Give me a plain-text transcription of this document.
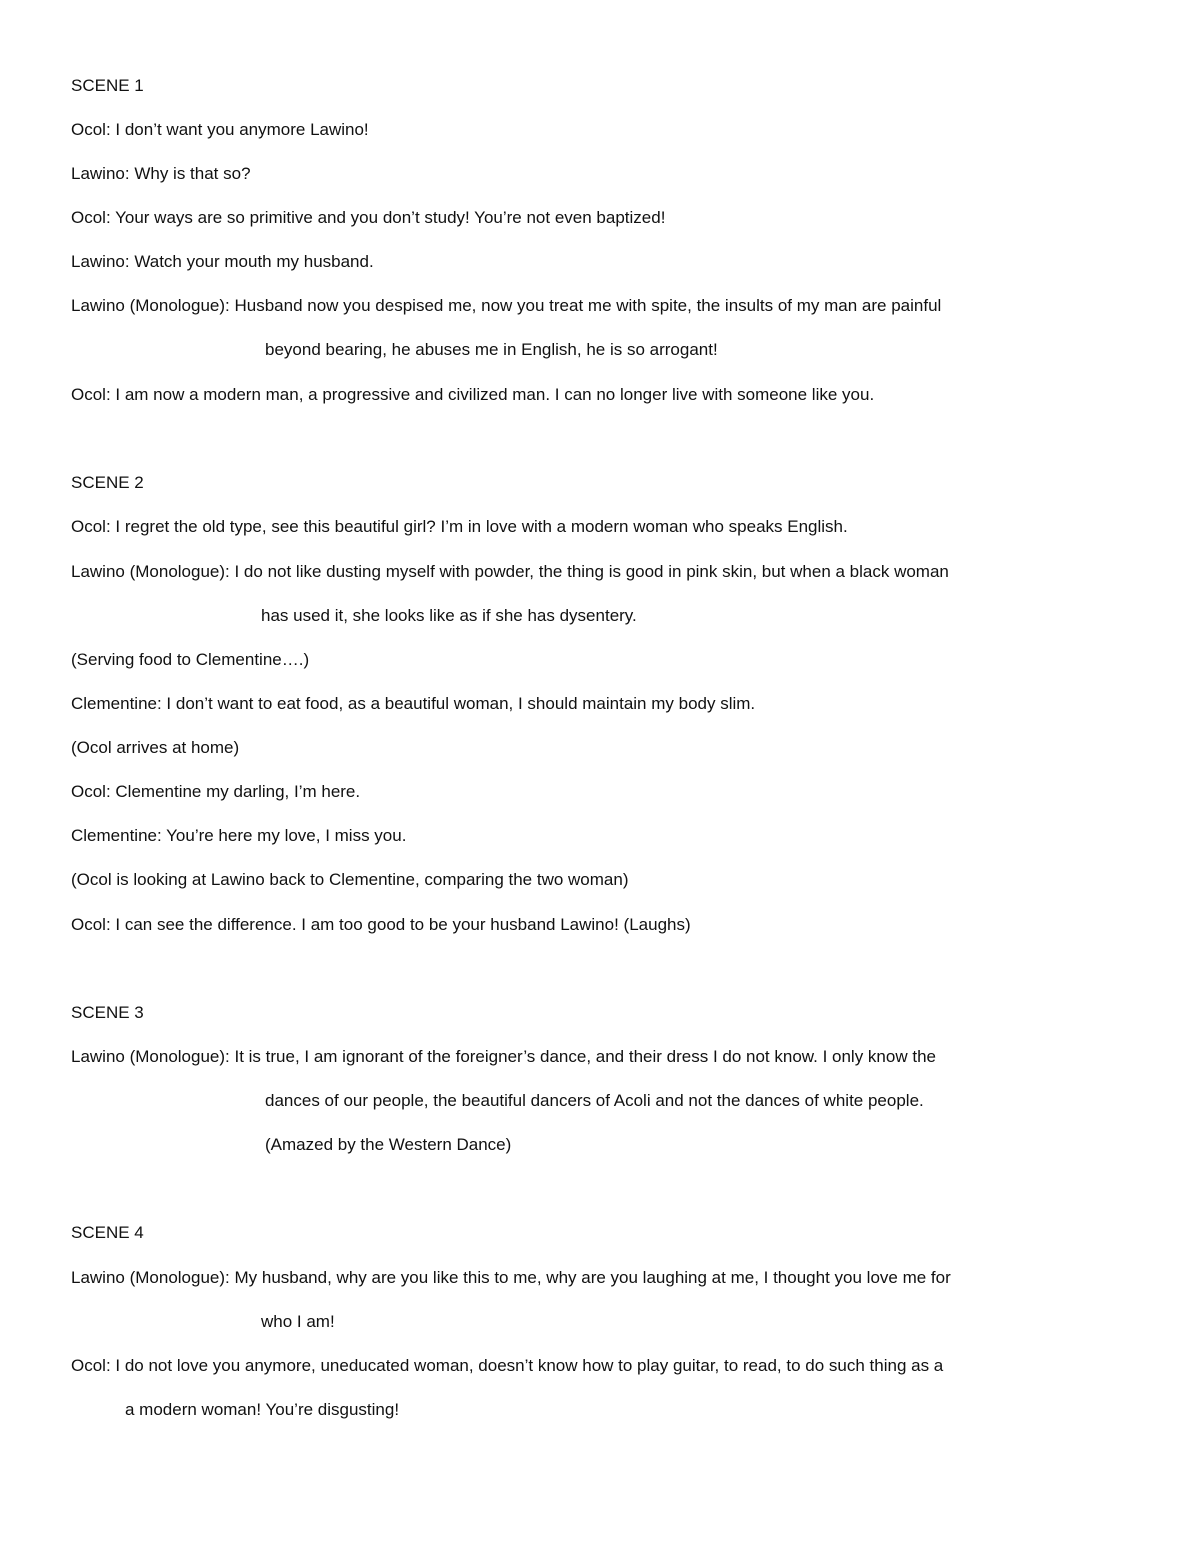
SCENE 1
Ocol: I don’t want you anymore Lawino!
Lawino: Why is that so?
Ocol: Your ways are so primitive and you don’t study! You’re not even baptized!
Lawino: Watch your mouth my husband.
Lawino (Monologue): Husband now you despised me, now you treat me with spite, the insults of my man are painful
beyond bearing, he abuses me in English, he is so arrogant!
Ocol: I am now a modern man, a progressive and civilized man. I can no longer live with someone like you.
SCENE 2
Ocol: I regret the old type, see this beautiful girl? I’m in love with a modern woman who speaks English.
Lawino (Monologue): I do not like dusting myself with powder, the thing is good in pink skin, but when a black woman
has used it, she looks like as if she has dysentery.
(Serving food to Clementine….)
Clementine: I don’t want to eat food, as a beautiful woman, I should maintain my body slim.
(Ocol arrives at home)
Ocol: Clementine my darling, I’m here.
Clementine: You’re here my love, I miss you.
(Ocol is looking at Lawino back to Clementine, comparing the two woman)
Ocol: I can see the difference. I am too good to be your husband Lawino! (Laughs)
SCENE 3
Lawino (Monologue): It is true, I am ignorant of the foreigner’s dance, and their dress I do not know. I only know the
dances of our people, the beautiful dancers of Acoli and not the dances of white people.
(Amazed by the Western Dance)
SCENE 4
Lawino (Monologue): My husband, why are you like this to me, why are you laughing at me, I thought you love me for
who I am!
Ocol: I do not love you anymore, uneducated woman, doesn’t know how to play guitar, to read, to do such thing as a
a modern woman! You’re disgusting!
